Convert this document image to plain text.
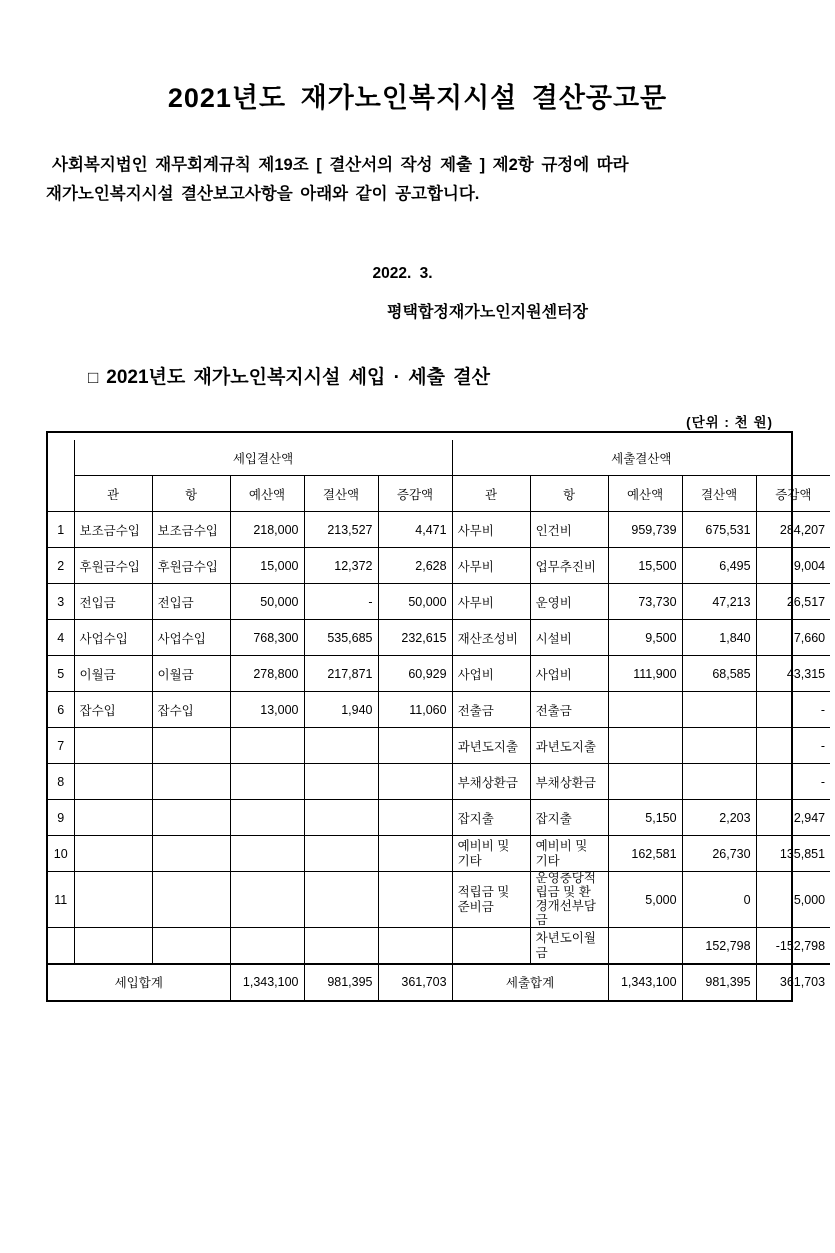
2021년도 재가노인복지시설 결산공고문
사회복지법인 재무회계규칙 제19조 [ 결산서의 작성 제출 ] 제2항 규정에 따라
재가노인복지시설 결산보고사항을 아래와 같이 공고합니다.
2022. 3.
평택합정재가노인지원센터장
□ 2021년도 재가노인복지시설 세입 · 세출 결산
(단위 : 천 원)
	세입결산액					세출결산액				
	관	항	예산액	결산액	증감액	관	항	예산액	결산액	증감액
1	보조금수입	보조금수입	218,000	213,527	4,471	사무비	인건비	959,739	675,531	284,207
2	후원금수입	후원금수입	15,000	12,372	2,628	사무비	업무추진비	15,500	6,495	9,004
3	전입금	전입금	50,000	-	50,000	사무비	운영비	73,730	47,213	26,517
4	사업수입	사업수입	768,300	535,685	232,615	재산조성비	시설비	9,500	1,840	7,660
5	이월금	이월금	278,800	217,871	60,929	사업비	사업비	111,900	68,585	43,315
6	잡수입	잡수입	13,000	1,940	11,060	전출금	전출금			-
7						과년도지출	과년도지출			-
8						부채상환금	부채상환금			-
9						잡지출	잡지출	5,150	2,203	2,947
10						예비비 및 기타	예비비 및 기타	162,581	26,730	135,851
11						적립금 및 준비금	운영충당적립금 및 환경개선부담금	5,000	0	5,000
							차년도이월금		152,798	-152,798
세입합계			1,343,100	981,395	361,703	세출합계		1,343,100	981,395	361,703
